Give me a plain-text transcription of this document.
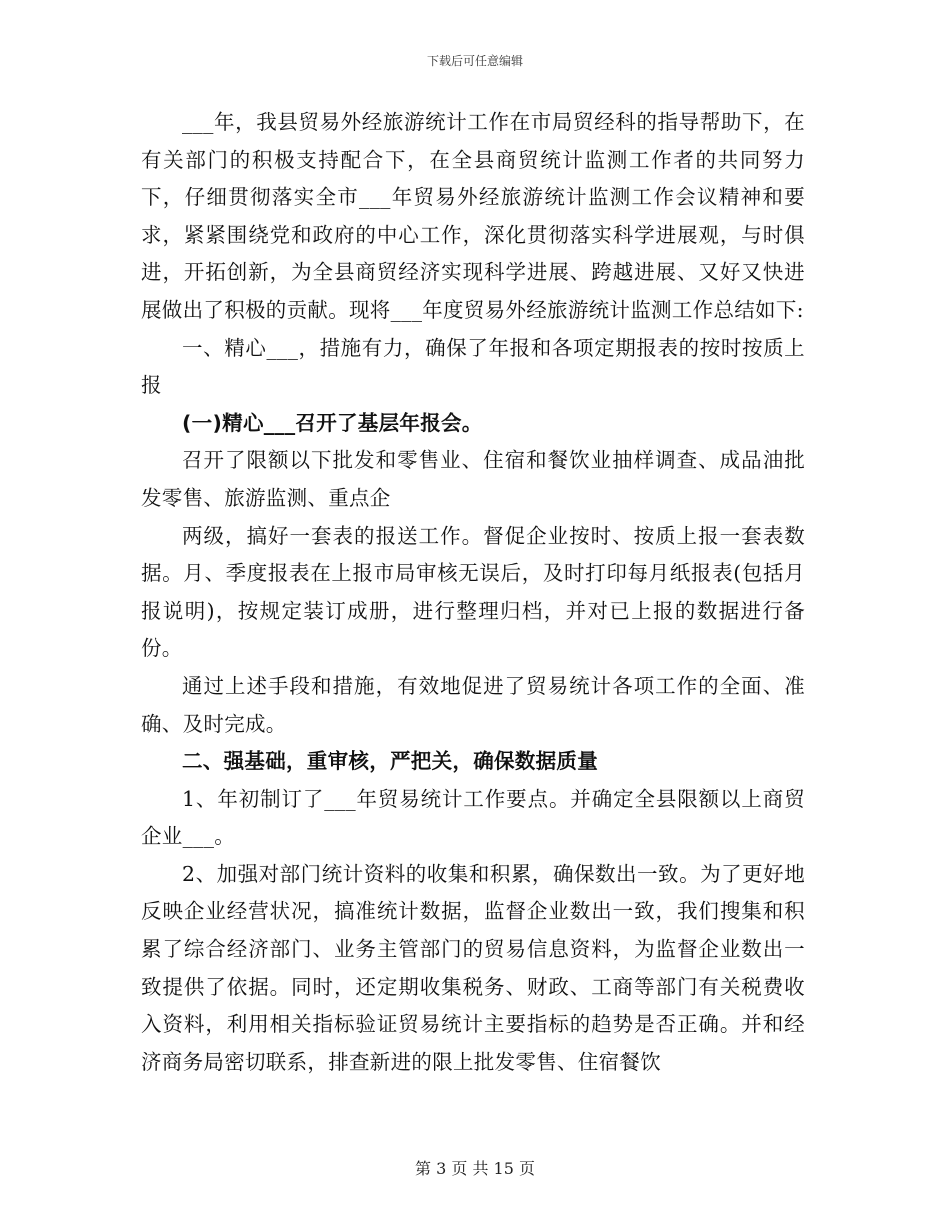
下载后可任意编辑

___年，我县贸易外经旅游统计工作在市局贸经科的指导帮助下，在有关部门的积极支持配合下，在全县商贸统计监测工作者的共同努力下，仔细贯彻落实全市___年贸易外经旅游统计监测工作会议精神和要求，紧紧围绕党和政府的中心工作，深化贯彻落实科学进展观，与时俱进，开拓创新，为全县商贸经济实现科学进展、跨越进展、又好又快进展做出了积极的贡献。现将___年度贸易外经旅游统计监测工作总结如下:

一、精心___，措施有力，确保了年报和各项定期报表的按时按质上报

(一)精心___召开了基层年报会。

召开了限额以下批发和零售业、住宿和餐饮业抽样调查、成品油批发零售、旅游监测、重点企

两级，搞好一套表的报送工作。督促企业按时、按质上报一套表数据。月、季度报表在上报市局审核无误后，及时打印每月纸报表(包括月报说明)，按规定装订成册，进行整理归档，并对已上报的数据进行备份。

通过上述手段和措施，有效地促进了贸易统计各项工作的全面、准确、及时完成。

二、强基础，重审核，严把关，确保数据质量

1、年初制订了___年贸易统计工作要点。并确定全县限额以上商贸企业___。

2、加强对部门统计资料的收集和积累，确保数出一致。为了更好地反映企业经营状况，搞准统计数据，监督企业数出一致，我们搜集和积累了综合经济部门、业务主管部门的贸易信息资料，为监督企业数出一致提供了依据。同时，还定期收集税务、财政、工商等部门有关税费收入资料，利用相关指标验证贸易统计主要指标的趋势是否正确。并和经济商务局密切联系，排查新进的限上批发零售、住宿餐饮

第 3 页 共 15 页
